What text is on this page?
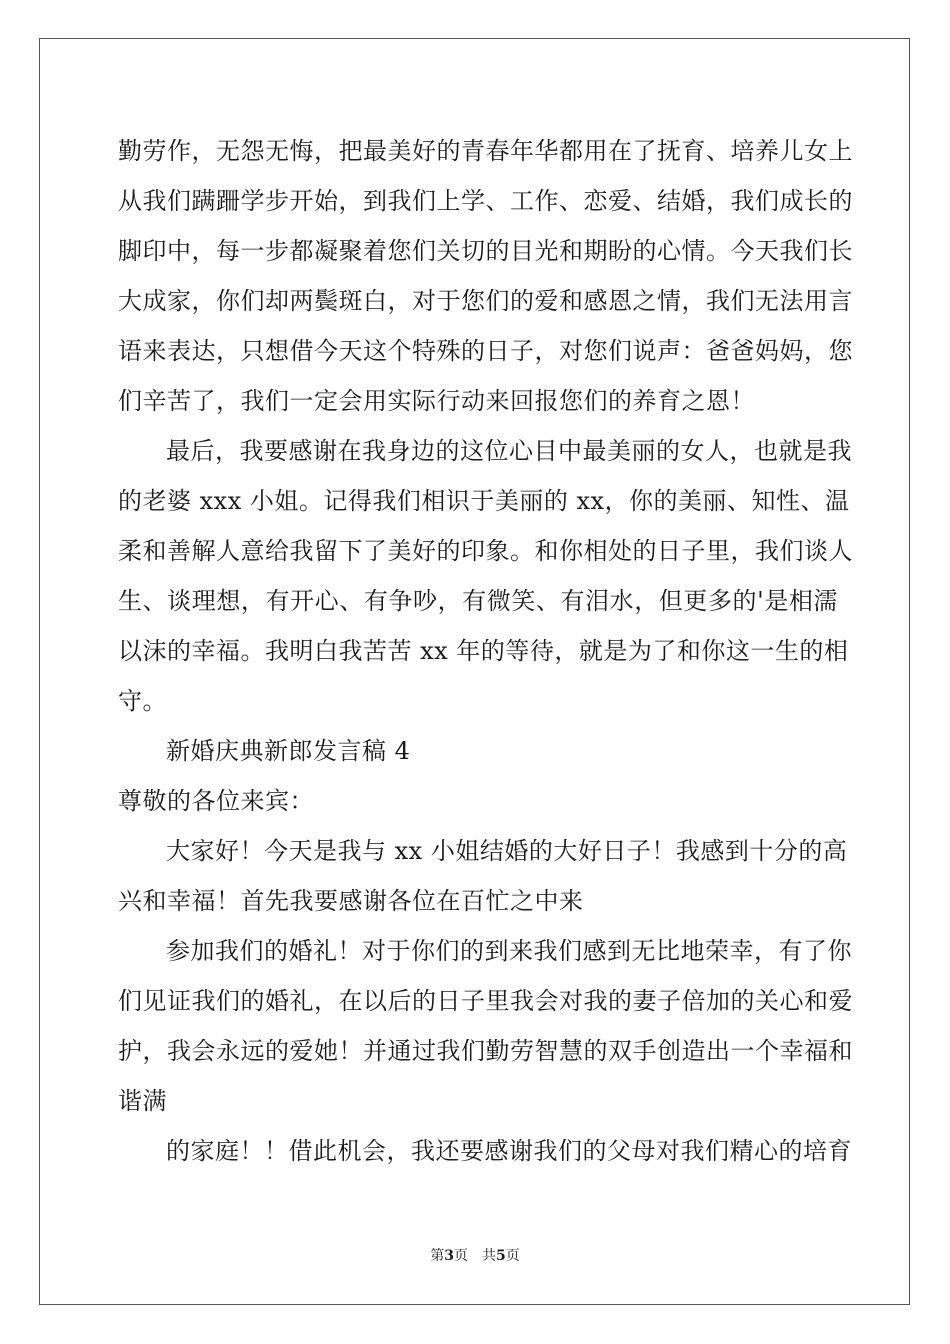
勤劳作，无怨无悔，把最美好的青春年华都用在了抚育、培养儿女上
从我们蹒跚学步开始，到我们上学、工作、恋爱、结婚，我们成长的
脚印中，每一步都凝聚着您们关切的目光和期盼的心情。今天我们长
大成家，你们却两鬓斑白，对于您们的爱和感恩之情，我们无法用言
语来表达，只想借今天这个特殊的日子，对您们说声：爸爸妈妈，您
们辛苦了，我们一定会用实际行动来回报您们的养育之恩！
最后，我要感谢在我身边的这位心目中最美丽的女人，也就是我
的老婆 xxx 小姐。记得我们相识于美丽的 xx，你的美丽、知性、温
柔和善解人意给我留下了美好的印象。和你相处的日子里，我们谈人
生、谈理想，有开心、有争吵，有微笑、有泪水，但更多的'是相濡
以沫的幸福。我明白我苦苦 xx 年的等待，就是为了和你这一生的相
守。
新婚庆典新郎发言稿 4
尊敬的各位来宾：
大家好！今天是我与 xx 小姐结婚的大好日子！我感到十分的高
兴和幸福！首先我要感谢各位在百忙之中来
参加我们的婚礼！对于你们的到来我们感到无比地荣幸，有了你
们见证我们的婚礼，在以后的日子里我会对我的妻子倍加的关心和爱
护，我会永远的爱她！并通过我们勤劳智慧的双手创造出一个幸福和
谐满
的家庭！！借此机会，我还要感谢我们的父母对我们精心的培育
第3页　共5页
